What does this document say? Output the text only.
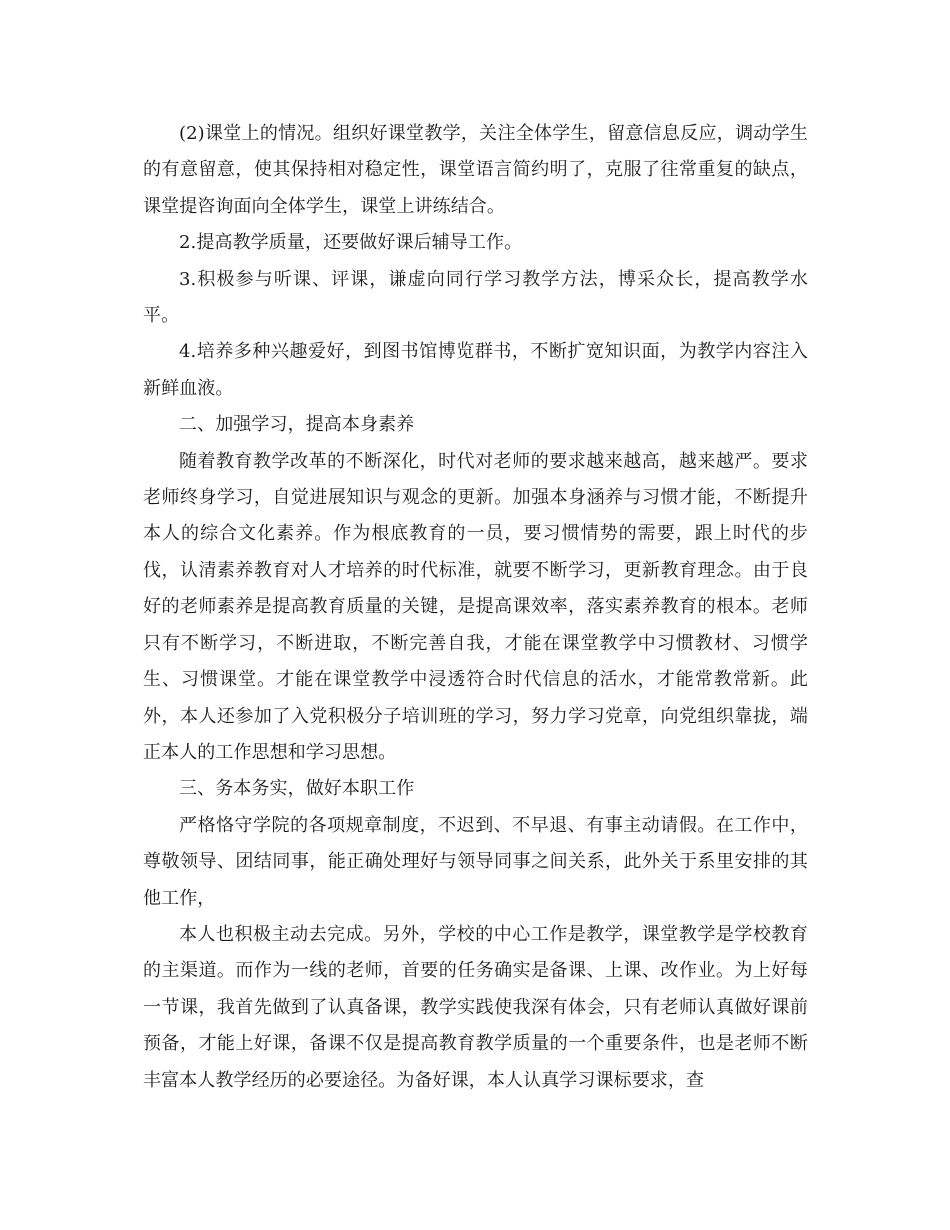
(2)课堂上的情况。组织好课堂教学，关注全体学生，留意信息反应，调动学生的有意留意，使其保持相对稳定性，课堂语言简约明了，克服了往常重复的缺点，课堂提咨询面向全体学生，课堂上讲练结合。

2.提高教学质量，还要做好课后辅导工作。

3.积极参与听课、评课，谦虚向同行学习教学方法，博采众长，提高教学水平。

4.培养多种兴趣爱好，到图书馆博览群书，不断扩宽知识面，为教学内容注入新鲜血液。

二、加强学习，提高本身素养

随着教育教学改革的不断深化，时代对老师的要求越来越高，越来越严。要求老师终身学习，自觉进展知识与观念的更新。加强本身涵养与习惯才能，不断提升本人的综合文化素养。作为根底教育的一员，要习惯情势的需要，跟上时代的步伐，认清素养教育对人才培养的时代标准，就要不断学习，更新教育理念。由于良好的老师素养是提高教育质量的关键，是提高课效率，落实素养教育的根本。老师只有不断学习，不断进取，不断完善自我，才能在课堂教学中习惯教材、习惯学生、习惯课堂。才能在课堂教学中浸透符合时代信息的活水，才能常教常新。此外，本人还参加了入党积极分子培训班的学习，努力学习党章，向党组织靠拢，端正本人的工作思想和学习思想。

三、务本务实，做好本职工作

严格恪守学院的各项规章制度，不迟到、不早退、有事主动请假。在工作中，尊敬领导、团结同事，能正确处理好与领导同事之间关系，此外关于系里安排的其他工作，

本人也积极主动去完成。另外，学校的中心工作是教学，课堂教学是学校教育的主渠道。而作为一线的老师，首要的任务确实是备课、上课、改作业。为上好每一节课，我首先做到了认真备课，教学实践使我深有体会，只有老师认真做好课前预备，才能上好课，备课不仅是提高教育教学质量的一个重要条件，也是老师不断丰富本人教学经历的必要途径。为备好课，本人认真学习课标要求，查
